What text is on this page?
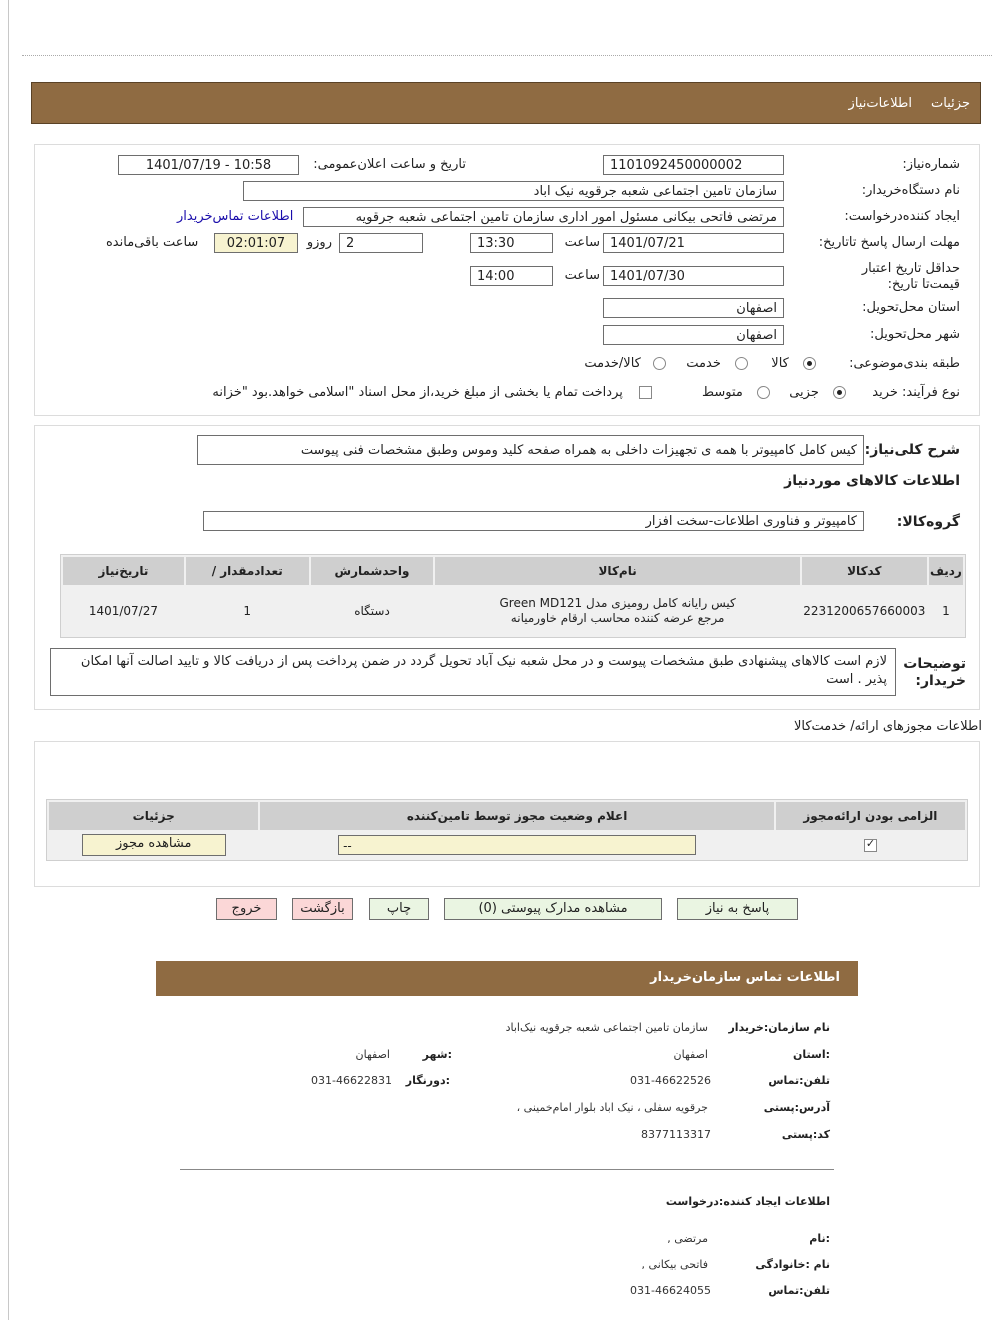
جزئیات
اطلاعات‌نیاز
شماره‌نیاز:
1101092450000002
تاریخ و ساعت اعلان‌عمومی:
1401/07/19 - 10:58
نام دستگاه‌خریدار:
سازمان تامین اجتماعی شعبه جرقویه نیک اباد
ایجاد کننده‌درخواست:
مرتضی فاتحی بیکانی مسئول امور اداری سازمان تامین اجتماعی شعبه جرقویه
اطلاعات تماس‌خریدار
مهلت ارسال پاسخ تا‌تاریخ:
1401/07/21
ساعت
13:30
2
روزو
02:01:07
ساعت باقی‌مانده
حداقل تاریخ اعتبار قیمت‌تا تاریخ:
1401/07/30
ساعت
14:00
استان محل‌تحویل:
اصفهان
شهر محل‌تحویل:
اصفهان
طبقه بندی‌موضوعی:
کالا
خدمت
کالا/خدمت
نوع فرآیند: خرید
جزیی
متوسط
پرداخت تمام یا بخشی از مبلغ خرید،از محل اسناد "اسلامی خواهد.بود "خزانه
شرح کلی‌نیاز:
کیس کامل کامپیوتر با همه ی تجهیزات داخلی به همراه صفحه کلید وموس وطبق مشخصات فنی پیوست
اطلاعات کالاهای موردنیاز
گروه‌کالا:
کامپیوتر و فناوری اطلاعات-سخت افزار
ردیف	کدکالا	نام‌کالا	واحدشمارش	تعداد‌مقدار /	تاریخ‌نیاز
1	2231200657660003	کیس رایانه کامل رومیزی مدل Green MD121 مرجع عرضه کننده محاسب ارقام خاورمیانه	دستگاه	1	1401/07/27
توضیحات خریدار:
لازم است کالاهای پیشنهادی طبق مشخصات پیوست و در محل شعبه نیک آباد تحویل گردد در ضمن پرداخت پس از دریافت کالا و تایید اصالت آنها امکان پذیر . است
اطلاعات مجوزهای ارائه/ خدمت‌کالا
الزامی بودن ارائه‌مجوز	اعلام وضعیت مجوز توسط تامین‌کننده	جزئیات

✓	--	مشاهده مجوز
پاسخ به نیاز
مشاهده مدارک پیوستی (0)
چاپ
بازگشت
خروج
اطلاعات تماس سازمان‌خریدار
نام سازمان:خریدار
سازمان تامین اجتماعی شعبه جرقویه نیک‌اباد
:استان
اصفهان
:شهر
اصفهان
تلفن:تماس
031-46622526
:دورنگار
031-46622831
آدرس:پستی
جرقویه سفلی ، نیک اباد بلوار امام‌خمینی ،
کد:پستی
8377113317
اطلاعات ایجاد کننده:درخواست
:نام
مرتضی ,
نام :خانوادگی
فاتحی بیکانی ,
تلفن:تماس
031-46624055
